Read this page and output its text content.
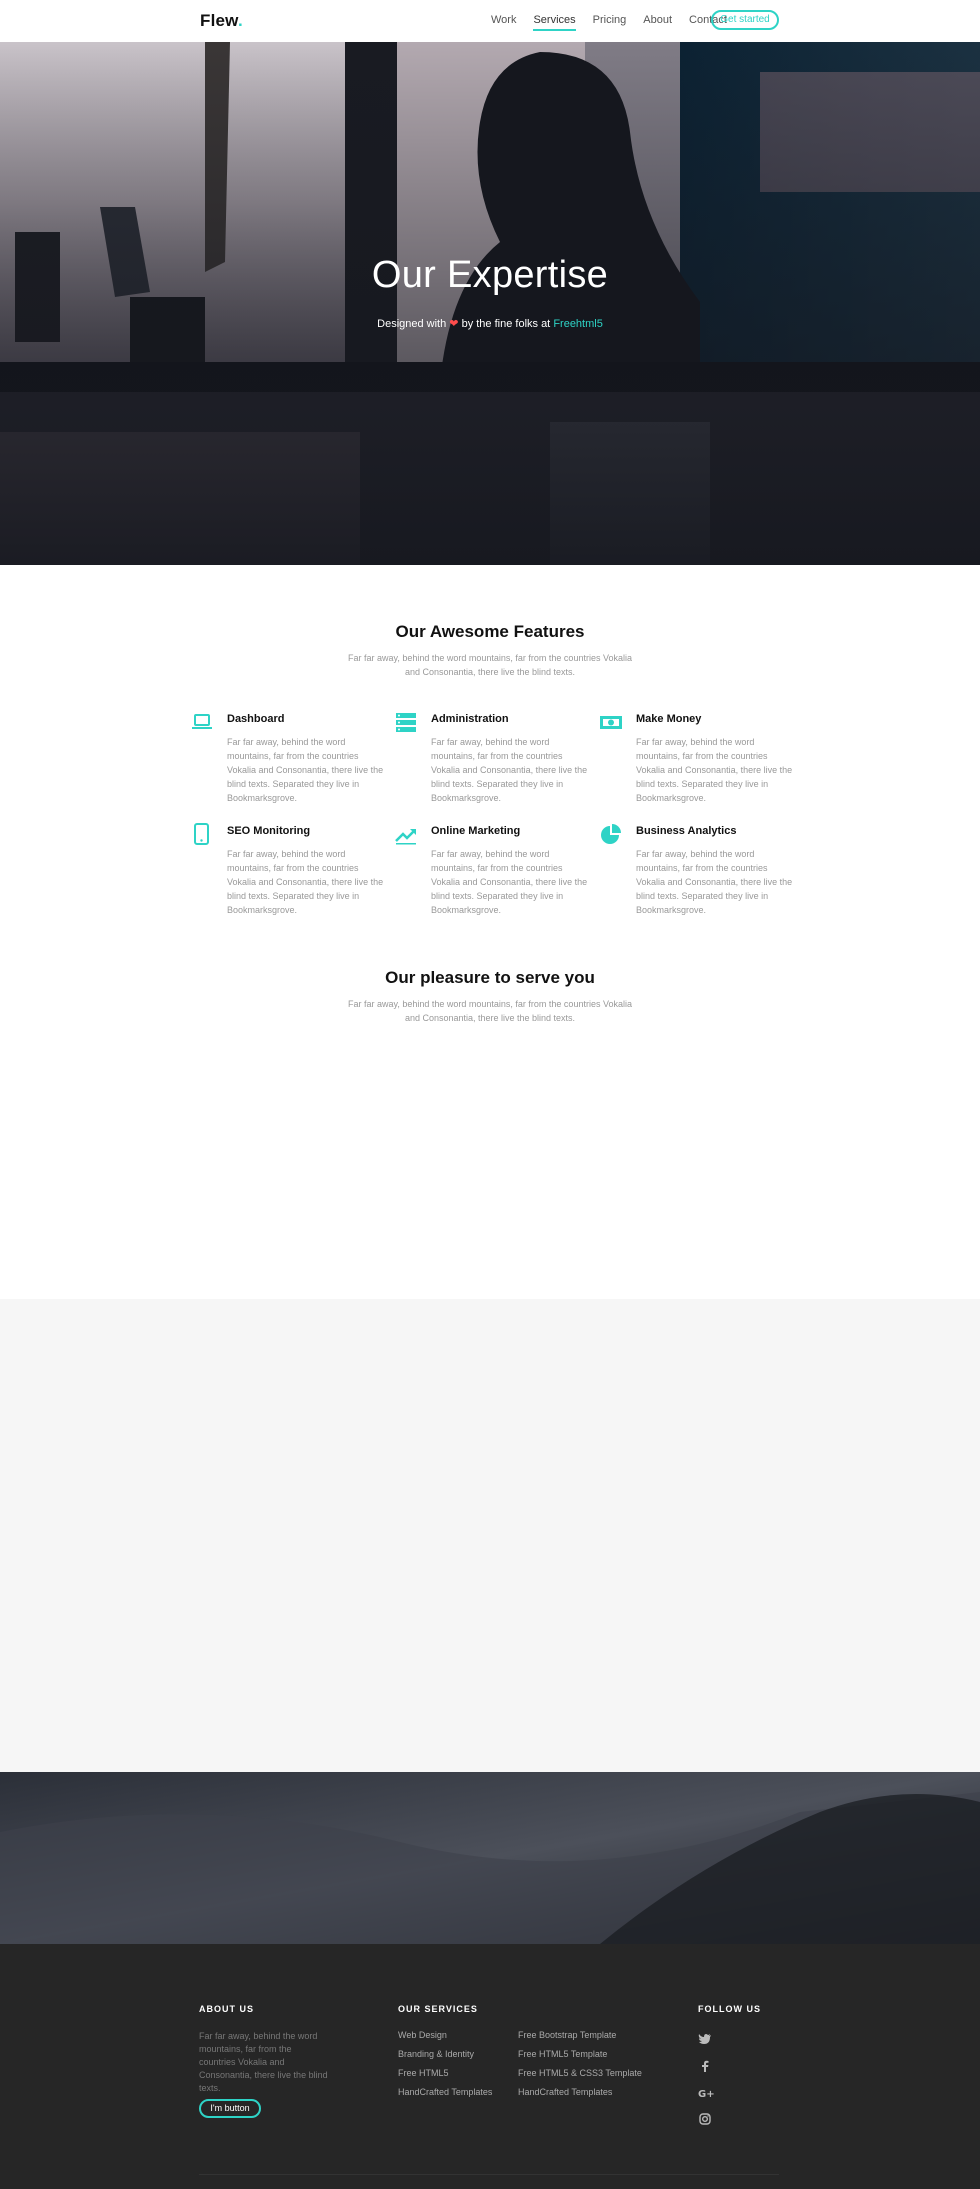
Flew.	Work Services Pricing About Contact
Get started
Our Expertise
Designed with ❤ by the fine folks at Freehtml5
Our Awesome Features
Far far away, behind the word mountains, far from the countries Vokalia and Consonantia, there live the blind texts.
Dashboard

Far far away, behind the word mountains, far from the countries Vokalia and Consonantia, there live the blind texts. Separated they live in Bookmarksgrove.

Administration

Far far away, behind the word mountains, far from the countries Vokalia and Consonantia, there live the blind texts. Separated they live in Bookmarksgrove.

Make Money

Far far away, behind the word mountains, far from the countries Vokalia and Consonantia, there live the blind texts. Separated they live in Bookmarksgrove.

SEO Monitoring

Far far away, behind the word mountains, far from the countries Vokalia and Consonantia, there live the blind texts. Separated they live in Bookmarksgrove.

Online Marketing

Far far away, behind the word mountains, far from the countries Vokalia and Consonantia, there live the blind texts. Separated they live in Bookmarksgrove.

Business Analytics

Far far away, behind the word mountains, far from the countries Vokalia and Consonantia, there live the blind texts. Separated they live in Bookmarksgrove.

Our pleasure to serve you
Far far away, behind the word mountains, far from the countries Vokalia and Consonantia, there live the blind texts.
ABOUT US
Far far away, behind the word mountains, far from the countries Vokalia and Consonantia, there live the blind texts.
I'm button
OUR SERVICES
Web Design
Branding & Identity
Free HTML5
HandCrafted Templates
Free Bootstrap Template
Free HTML5 Template
Free HTML5 & CSS3 Template
HandCrafted Templates
FOLLOW US
G+
